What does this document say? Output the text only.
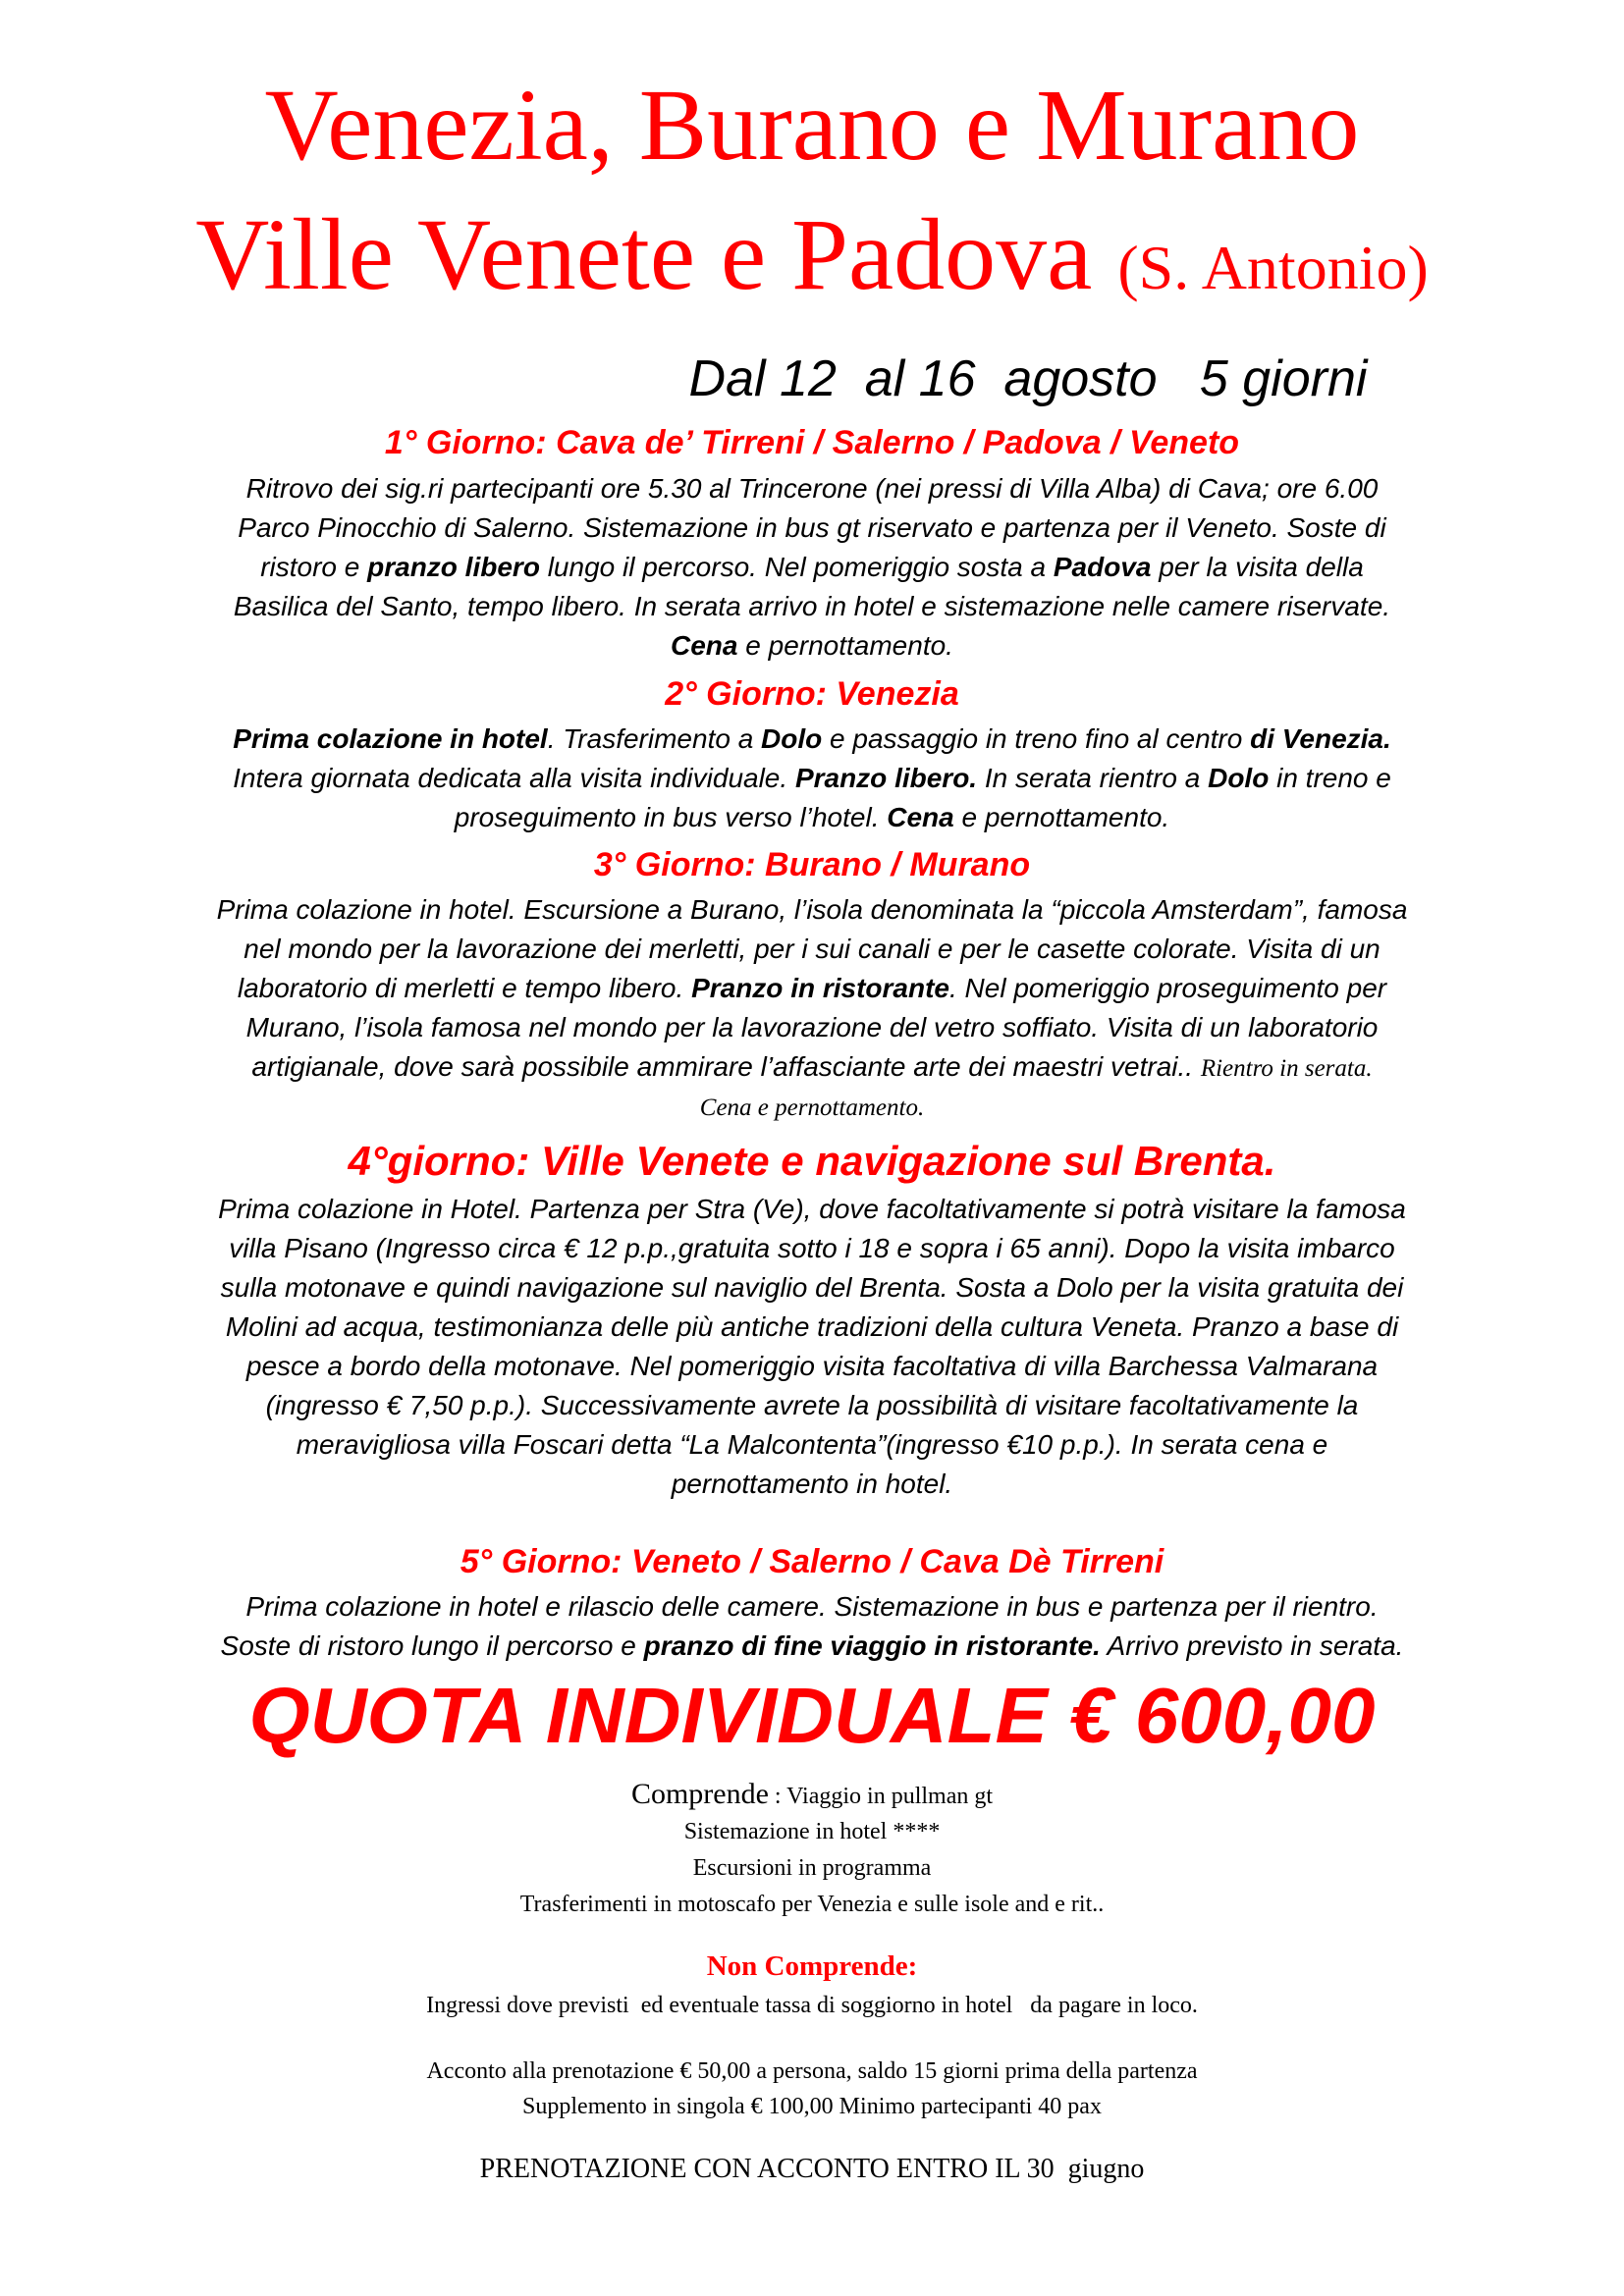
Venezia, Burano e Murano
Ville Venete e Padova (S. Antonio)
Dal 12  al 16  agosto   5 giorni
1° Giorno: Cava de’ Tirreni / Salerno / Padova / Veneto
Ritrovo dei sig.ri partecipanti ore 5.30 al Trincerone (nei pressi di Villa Alba) di Cava; ore 6.00
Parco Pinocchio di Salerno. Sistemazione in bus gt riservato e partenza per il Veneto. Soste di
ristoro e pranzo libero lungo il percorso. Nel pomeriggio sosta a Padova per la visita della
Basilica del Santo, tempo libero. In serata arrivo in hotel e sistemazione nelle camere riservate.
Cena e pernottamento.
2° Giorno: Venezia
Prima colazione in hotel. Trasferimento a Dolo e passaggio in treno fino al centro di Venezia.
Intera giornata dedicata alla visita individuale. Pranzo libero. In serata rientro a Dolo in treno e
proseguimento in bus verso l’hotel. Cena e pernottamento.
3° Giorno: Burano / Murano
Prima colazione in hotel. Escursione a Burano, l’isola denominata la “piccola Amsterdam”, famosa
nel mondo per la lavorazione dei merletti, per i sui canali e per le casette colorate. Visita di un
laboratorio di merletti e tempo libero. Pranzo in ristorante. Nel pomeriggio proseguimento per
Murano, l’isola famosa nel mondo per la lavorazione del vetro soffiato. Visita di un laboratorio
artigianale, dove sarà possibile ammirare l’affasciante arte dei maestri vetrai.. Rientro in serata.
Cena e pernottamento.
4°giorno: Ville Venete e navigazione sul Brenta.
Prima colazione in Hotel. Partenza per Stra (Ve), dove facoltativamente si potrà visitare la famosa
villa Pisano (Ingresso circa € 12 p.p.,gratuita sotto i 18 e sopra i 65 anni). Dopo la visita imbarco
sulla motonave e quindi navigazione sul naviglio del Brenta. Sosta a Dolo per la visita gratuita dei
Molini ad acqua, testimonianza delle più antiche tradizioni della cultura Veneta. Pranzo a base di
pesce a bordo della motonave. Nel pomeriggio visita facoltativa di villa Barchessa Valmarana
(ingresso € 7,50 p.p.). Successivamente avrete la possibilità di visitare facoltativamente la
meravigliosa villa Foscari detta “La Malcontenta”(ingresso €10 p.p.). In serata cena e
pernottamento in hotel.
5° Giorno: Veneto / Salerno / Cava Dè Tirreni
Prima colazione in hotel e rilascio delle camere. Sistemazione in bus e partenza per il rientro.
Soste di ristoro lungo il percorso e pranzo di fine viaggio in ristorante. Arrivo previsto in serata.
QUOTA INDIVIDUALE € 600,00
Comprende : Viaggio in pullman gt
Sistemazione in hotel ****
Escursioni in programma
Trasferimenti in motoscafo per Venezia e sulle isole and e rit..
Non Comprende:
Ingressi dove previsti  ed eventuale tassa di soggiorno in hotel   da pagare in loco.
Acconto alla prenotazione € 50,00 a persona, saldo 15 giorni prima della partenza
Supplemento in singola € 100,00 Minimo partecipanti 40 pax
PRENOTAZIONE CON ACCONTO ENTRO IL 30  giugno
